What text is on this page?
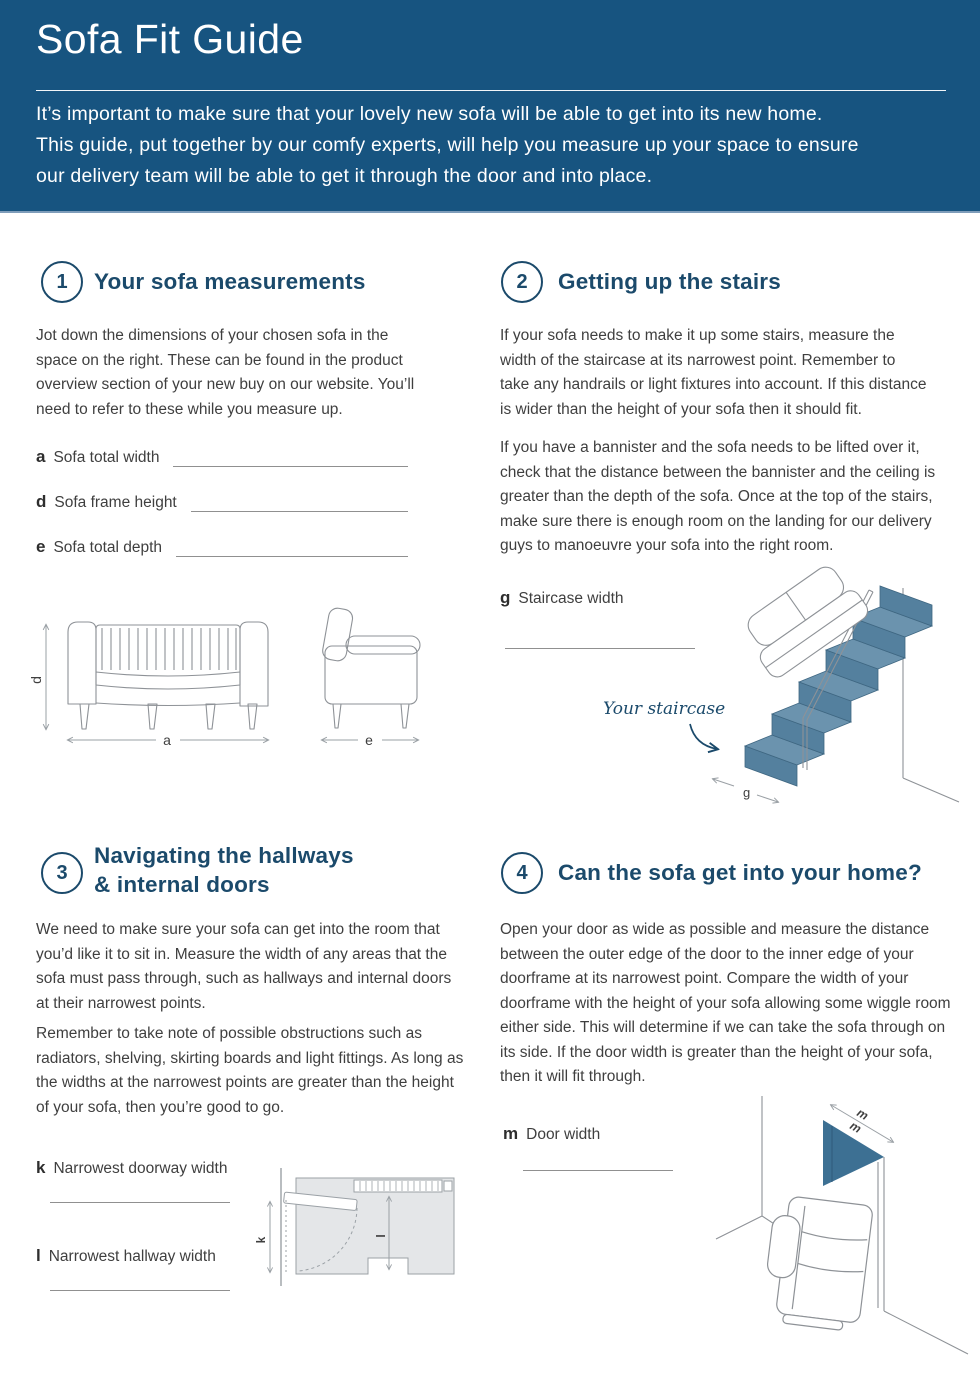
Sofa Fit Guide
It’s important to make sure that your lovely new sofa will be able to get into its new home.
This guide, put together by our comfy experts, will help you measure up your space to ensure
our delivery team will be able to get it through the door and into place.
1 Your sofa measurements
Jot down the dimensions of your chosen sofa in the space on the right. These can be found in the product overview section of your new buy on our website. You’ll need to refer to these while you measure up.
a Sofa total width
d Sofa frame height
e Sofa total depth
d
a	e
2 Getting up the stairs
If your sofa needs to make it up some stairs, measure the width of the staircase at its narrowest point. Remember to take any handrails or light fixtures into account. If this distance is wider than the height of your sofa then it should fit.
If you have a bannister and the sofa needs to be lifted over it, check that the distance between the bannister and the ceiling is greater than the depth of the sofa. Once at the top of the stairs, make sure there is enough room on the landing for our delivery guys to manoeuvre your sofa into the right room.
g Staircase width
g
Your staircase
3
Navigating the hallways
& internal doors
We need to make sure your sofa can get into the room that you’d like it to sit in. Measure the width of any areas that the sofa must pass through, such as hallways and internal doors at their narrowest points.
Remember to take note of possible obstructions such as radiators, shelving, skirting boards and light fittings. As long as the widths at the narrowest points are greater than the height of your sofa, then you’re good to go.
k Narrowest doorway width
l Narrowest hallway width
k
l
4 Can the sofa get into your home?
Open your door as wide as possible and measure the distance between the outer edge of the door to the inner edge of your doorframe at its narrowest point. Compare the width of your doorframe with the height of your sofa allowing some wiggle room either side. This will determine if we can take the sofa through on its side. If the door width is greater than the height of your sofa, then it will fit through.
m Door width
m
m
